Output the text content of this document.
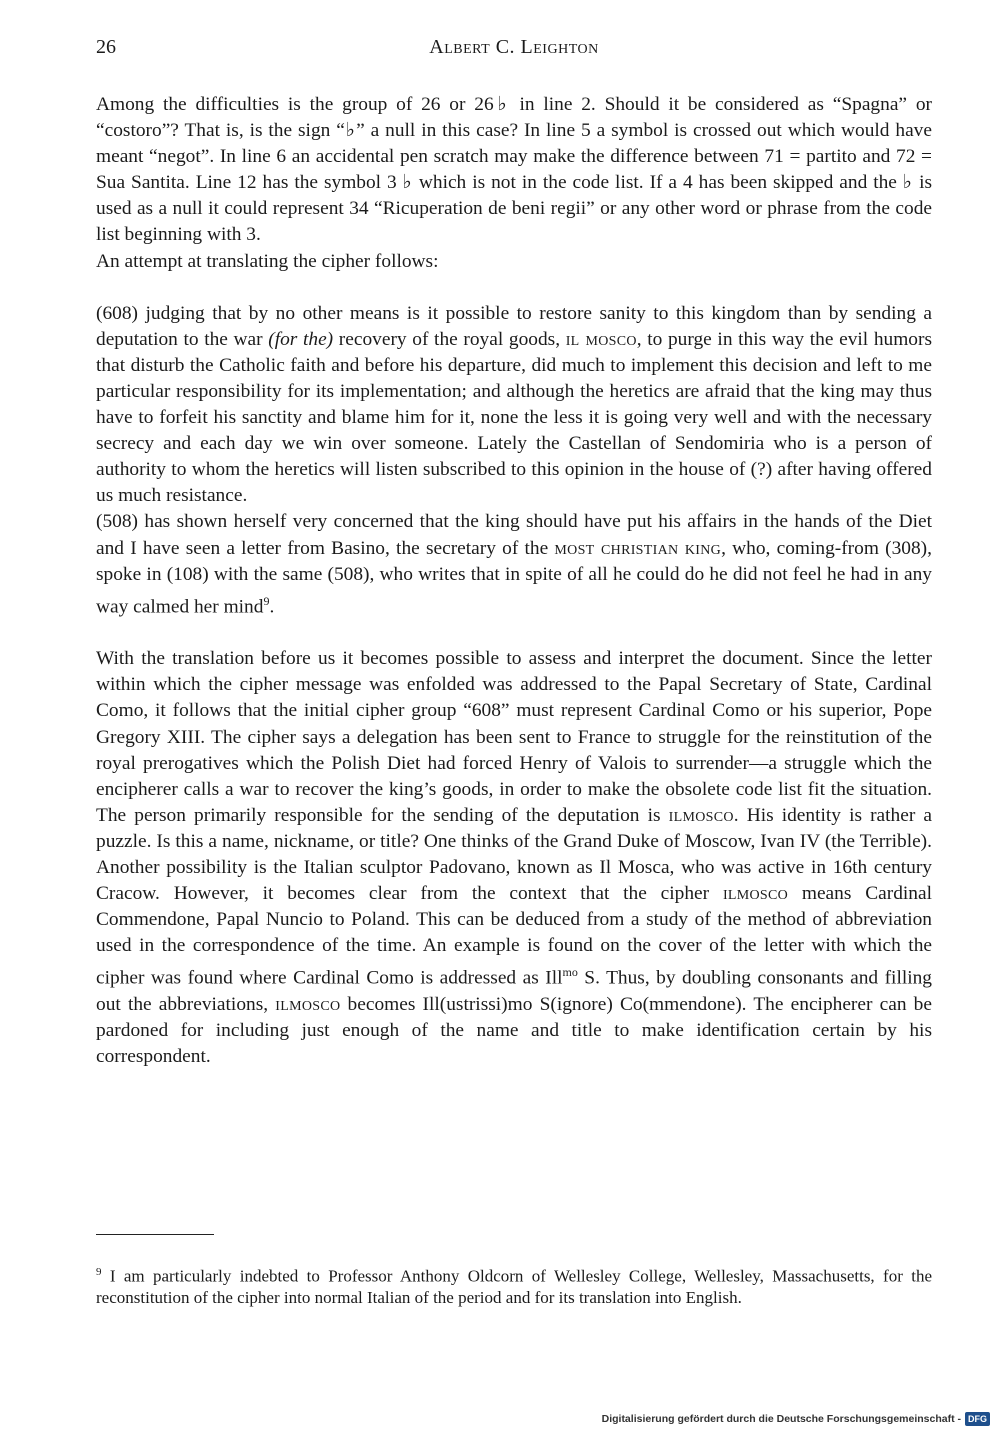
26	Albert C. Leighton

Among the difficulties is the group of 26 or 26♭ in line 2. Should it be considered as “Spagna” or “costoro”? That is, is the sign “♭” a null in this case? In line 5 a symbol is crossed out which would have meant “negot”. In line 6 an accidental pen scratch may make the difference between 71 = partito and 72 = Sua Santita. Line 12 has the symbol 3 ♭ which is not in the code list. If a 4 has been skipped and the ♭ is used as a null it could represent 34 “Ricuperation de beni regii” or any other word or phrase from the code list beginning with 3.

An attempt at translating the cipher follows:

(608) judging that by no other means is it possible to restore sanity to this kingdom than by sending a deputation to the war (for the) recovery of the royal goods, il mosco, to purge in this way the evil humors that disturb the Catholic faith and before his departure, did much to implement this decision and left to me particular responsibility for its implementation; and although the heretics are afraid that the king may thus have to forfeit his sanctity and blame him for it, none the less it is going very well and with the necessary secrecy and each day we win over someone. Lately the Castellan of Sendomiria who is a person of authority to whom the heretics will listen subscribed to this opinion in the house of (?) after having offered us much resistance.

(508) has shown herself very concerned that the king should have put his affairs in the hands of the Diet and I have seen a letter from Basino, the secretary of the most christian king, who, coming-from (308), spoke in (108) with the same (508), who writes that in spite of all he could do he did not feel he had in any way calmed her mind$^9$.

With the translation before us it becomes possible to assess and interpret the document. Since the letter within which the cipher message was enfolded was addressed to the Papal Secretary of State, Cardinal Como, it follows that the initial cipher group “608” must represent Cardinal Como or his superior, Pope Gregory XIII. The cipher says a delegation has been sent to France to struggle for the reinstitution of the royal prerogatives which the Polish Diet had forced Henry of Valois to surrender—a struggle which the encipherer calls a war to recover the king’s goods, in order to make the obsolete code list fit the situation. The person primarily responsible for the sending of the deputation is ilmosco. His identity is rather a puzzle. Is this a name, nickname, or title? One thinks of the Grand Duke of Moscow, Ivan IV (the Terrible). Another possibility is the Italian sculptor Padovano, known as Il Mosca, who was active in 16th century Cracow. However, it becomes clear from the context that the cipher ilmosco means Cardinal Commendone, Papal Nuncio to Poland. This can be deduced from a study of the method of abbreviation used in the correspondence of the time. An example is found on the cover of the letter with which the cipher was found where Cardinal Como is addressed as Ill$^{mo}$ S. Thus, by doubling consonants and filling out the abbreviations, ilmosco becomes Ill(ustrissi)mo S(ignore) Co(mmendone). The encipherer can be pardoned for including just enough of the name and title to make identification certain by his correspondent.

$^9$ I am particularly indebted to Professor Anthony Oldcorn of Wellesley College, Wellesley, Massachusetts, for the reconstitution of the cipher into normal Italian of the period and for its translation into English.

Digitalisierung gefördert durch die Deutsche Forschungsgemeinschaft - DFG
